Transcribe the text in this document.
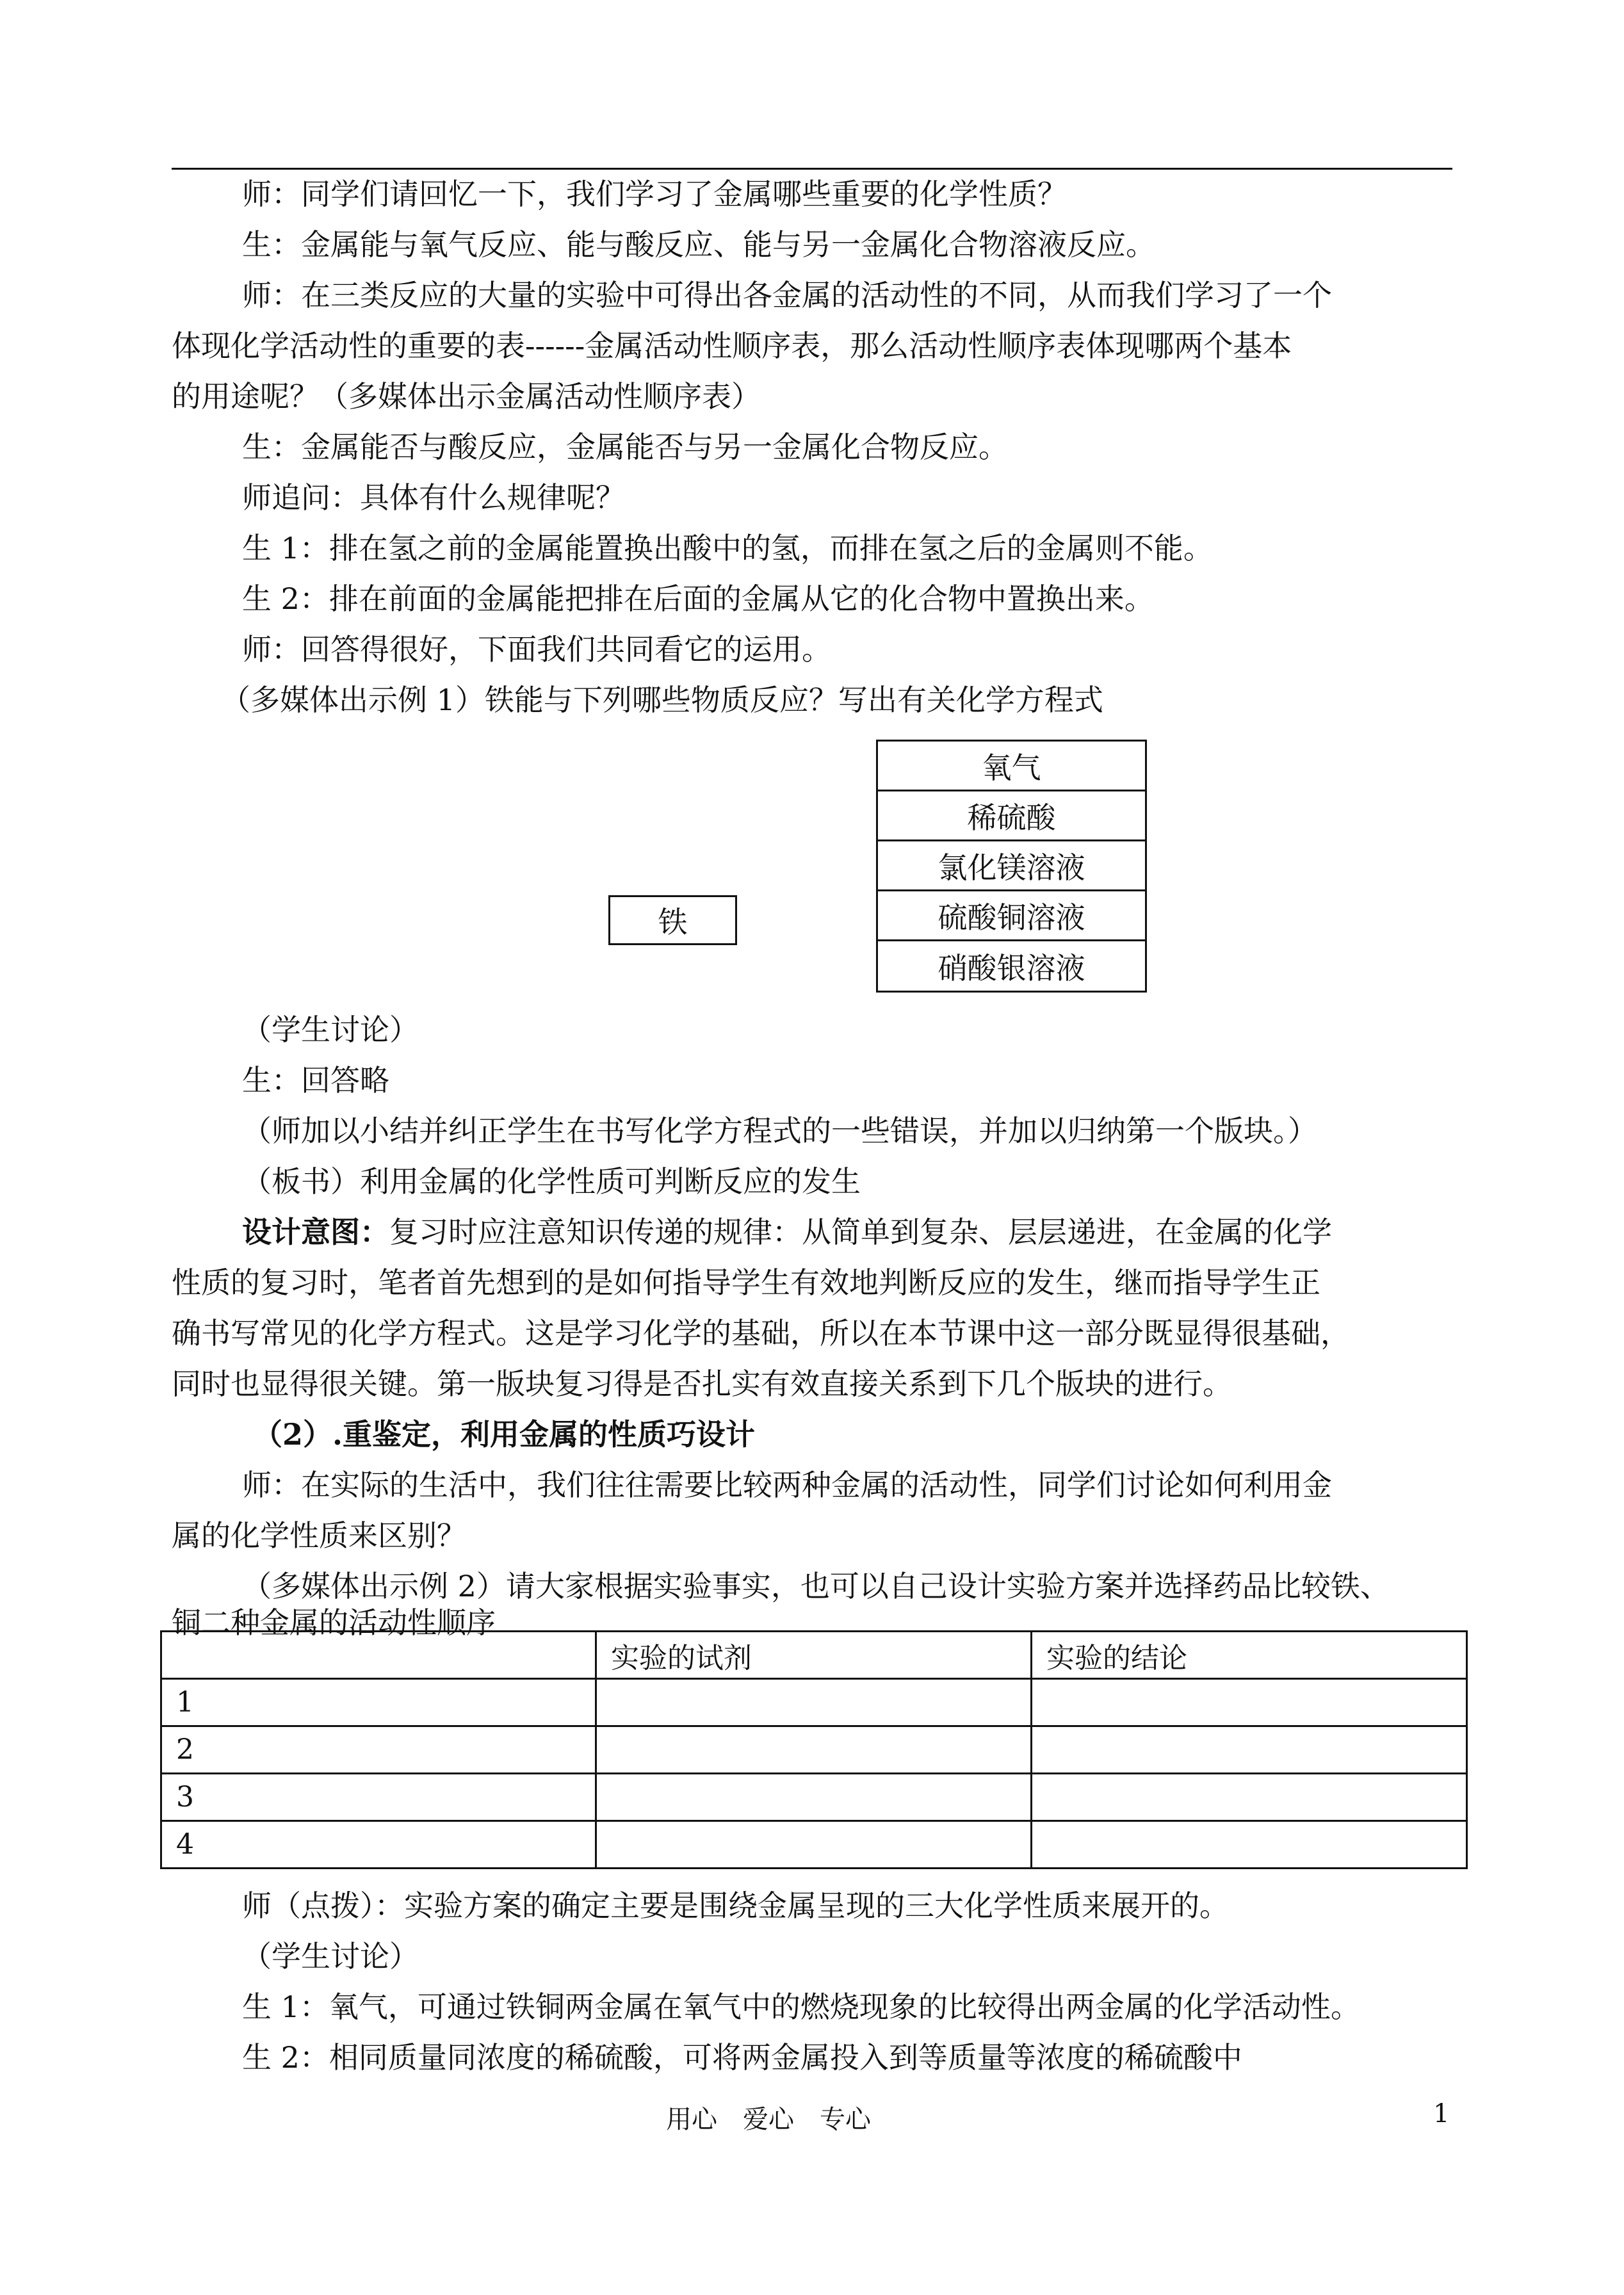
师：同学们请回忆一下，我们学习了金属哪些重要的化学性质？
生：金属能与氧气反应、能与酸反应、能与另一金属化合物溶液反应。
师：在三类反应的大量的实验中可得出各金属的活动性的不同，从而我们学习了一个
体现化学活动性的重要的表------金属活动性顺序表，那么活动性顺序表体现哪两个基本
的用途呢？（多媒体出示金属活动性顺序表）
生：金属能否与酸反应，金属能否与另一金属化合物反应。
师追问：具体有什么规律呢？
生 1：排在氢之前的金属能置换出酸中的氢，而排在氢之后的金属则不能。
生 2：排在前面的金属能把排在后面的金属从它的化合物中置换出来。
师：回答得很好，下面我们共同看它的运用。
（多媒体出示例 1）铁能与下列哪些物质反应？写出有关化学方程式
铁
氧气
稀硫酸
氯化镁溶液
硫酸铜溶液
硝酸银溶液
（学生讨论）
生：回答略
（师加以小结并纠正学生在书写化学方程式的一些错误，并加以归纳第一个版块。）
（板书）利用金属的化学性质可判断反应的发生
设计意图：复习时应注意知识传递的规律：从简单到复杂、层层递进，在金属的化学
性质的复习时，笔者首先想到的是如何指导学生有效地判断反应的发生，继而指导学生正
确书写常见的化学方程式。这是学习化学的基础，所以在本节课中这一部分既显得很基础，
同时也显得很关键。第一版块复习得是否扎实有效直接关系到下几个版块的进行。
（2）.重鉴定，利用金属的性质巧设计
师：在实际的生活中，我们往往需要比较两种金属的活动性，同学们讨论如何利用金
属的化学性质来区别？
（多媒体出示例 2）请大家根据实验事实，也可以自己设计实验方案并选择药品比较铁、
铜二种金属的活动性顺序
	实验的试剂	实验的结论
1		
2		
3		
4		
师（点拨）：实验方案的确定主要是围绕金属呈现的三大化学性质来展开的。
（学生讨论）
生 1：氧气，可通过铁铜两金属在氧气中的燃烧现象的比较得出两金属的化学活动性。
生 2：相同质量同浓度的稀硫酸，可将两金属投入到等质量等浓度的稀硫酸中
用心　爱心　专心	1
